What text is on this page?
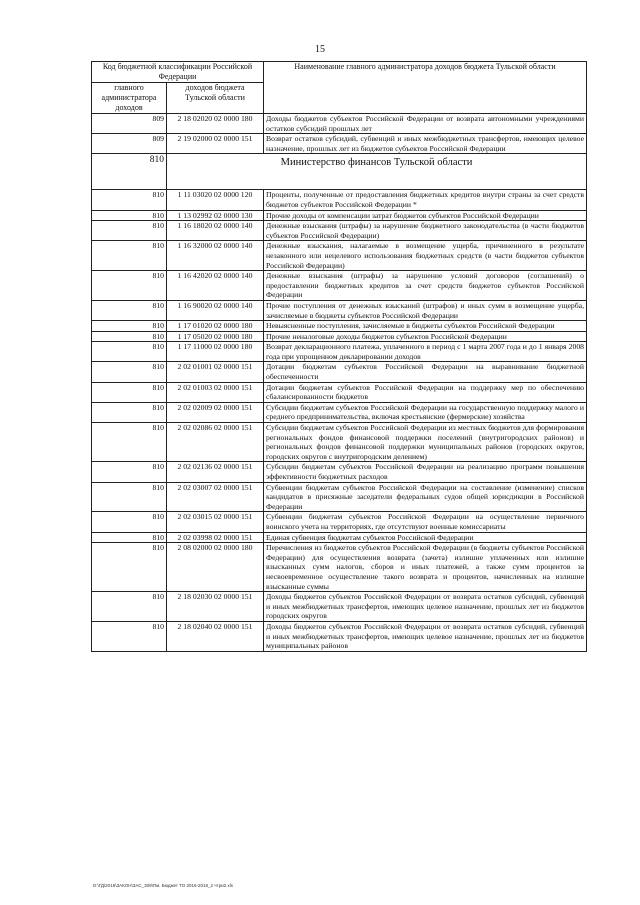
15
Код бюджетной классификации Российской Федерации		Наименование главного администратора доходов бюджета Тульской области
главного администратора доходов	доходов бюджета Тульской области	
809	2 18 02020 02 0000 180	Доходы бюджетов субъектов Российской Федерации от возврата автономными учреждениями остатков субсидий прошлых лет
809	2 19 02000 02 0000 151	Возврат остатков субсидий, субвенций и иных межбюджетных трансфертов, имеющих целевое назначение, прошлых лет из бюджетов субъектов Российской Федерации
810	Министерство финансов Тульской области	
810	1 11 03020 02 0000 120	Проценты, полученные от предоставления бюджетных кредитов внутри страны за счет средств бюджетов субъектов Российской Федерации *
810	1 13 02992 02 0000 130	Прочие доходы от компенсации затрат бюджетов субъектов Российской Федерации
810	1 16 18020 02 0000 140	Денежные взыскания (штрафы) за нарушение бюджетного законодательства (в части бюджетов субъектов Российской Федерации)
810	1 16 32000 02 0000 140	Денежные взыскания, налагаемые в возмещение ущерба, причиненного в результате незаконного или нецелевого использования бюджетных средств (в части бюджетов субъектов Российской Федерации)
810	1 16 42020 02 0000 140	Денежные взыскания (штрафы) за нарушение условий договоров (соглашений) о предоставлении бюджетных кредитов за счет средств бюджетов субъектов Российской Федерации
810	1 16 90020 02 0000 140	Прочие поступления от денежных взысканий (штрафов) и иных сумм в возмещение ущерба, зачисляемые в бюджеты субъектов Российской Федерации
810	1 17 01020 02 0000 180	Невыясненные поступления, зачисляемые в бюджеты субъектов Российской Федерации
810	1 17 05020 02 0000 180	Прочие неналоговые доходы бюджетов субъектов Российской Федерации
810	1 17 11000 02 0000 180	Возврат декларационного платежа, уплаченного в период с 1 марта 2007 года и до 1 января 2008 года при упрощенном декларировании доходов
810	2 02 01001 02 0000 151	Дотации бюджетам субъектов Российской Федерации на выравнивание бюджетной обеспеченности
810	2 02 01003 02 0000 151	Дотации бюджетам субъектов Российской Федерации на поддержку мер по обеспечению сбалансированности бюджетов
810	2 02 02009 02 0000 151	Субсидии бюджетам субъектов Российской Федерации на государственную поддержку малого и среднего предпринимательства, включая крестьянские (фермерские) хозяйства
810	2 02 02086 02 0000 151	Субсидии бюджетам субъектов Российской Федерации из местных бюджетов для формирования региональных фондов финансовой поддержки поселений (внутригородских районов) и региональных фондов финансовой поддержки муниципальных районов (городских округов, городских округов с внутригородским делением)
810	2 02 02136 02 0000 151	Субсидии бюджетам субъектов Российской Федерации на реализацию программ повышения эффективности бюджетных расходов
810	2 02 03007 02 0000 151	Субвенции бюджетам субъектов Российской Федерации на составление (изменение) списков кандидатов в присяжные заседатели федеральных судов общей юрисдикции в Российской Федерации
810	2 02 03015 02 0000 151	Субвенции бюджетам субъектов Российской Федерации на осуществление первичного воинского учета на территориях, где отсутствуют военные комиссариаты
810	2 02 03998 02 0000 151	Единая субвенция бюджетам субъектов Российской Федерации
810	2 08 02000 02 0000 180	Перечисления из бюджетов субъектов Российской Федерации (в бюджеты субъектов Российской Федерации) для осуществления возврата (зачета) излишне уплаченных или излишне взысканных сумм налогов, сборов и иных платежей, а также сумм процентов за несвоевременное осуществление такого возврата и процентов, начисленных на излишне взысканные суммы
810	2 18 02030 02 0000 151	Доходы бюджетов субъектов Российской Федерации от возврата остатков субсидий, субвенций и иных межбюджетных трансфертов, имеющих целевое назначение, прошлых лет из бюджетов городских округов
810	2 18 02040 02 0000 151	Доходы бюджетов субъектов Российской Федерации от возврата остатков субсидий, субвенций и иных межбюджетных трансфертов, имеющих целевое назначение, прошлых лет из бюджетов муниципальных районов
D:\ГД\2016\ЗАКОН\ЗАС_309\Пм. Бюджет ТО 2016-2018_2 чтри2.xls
